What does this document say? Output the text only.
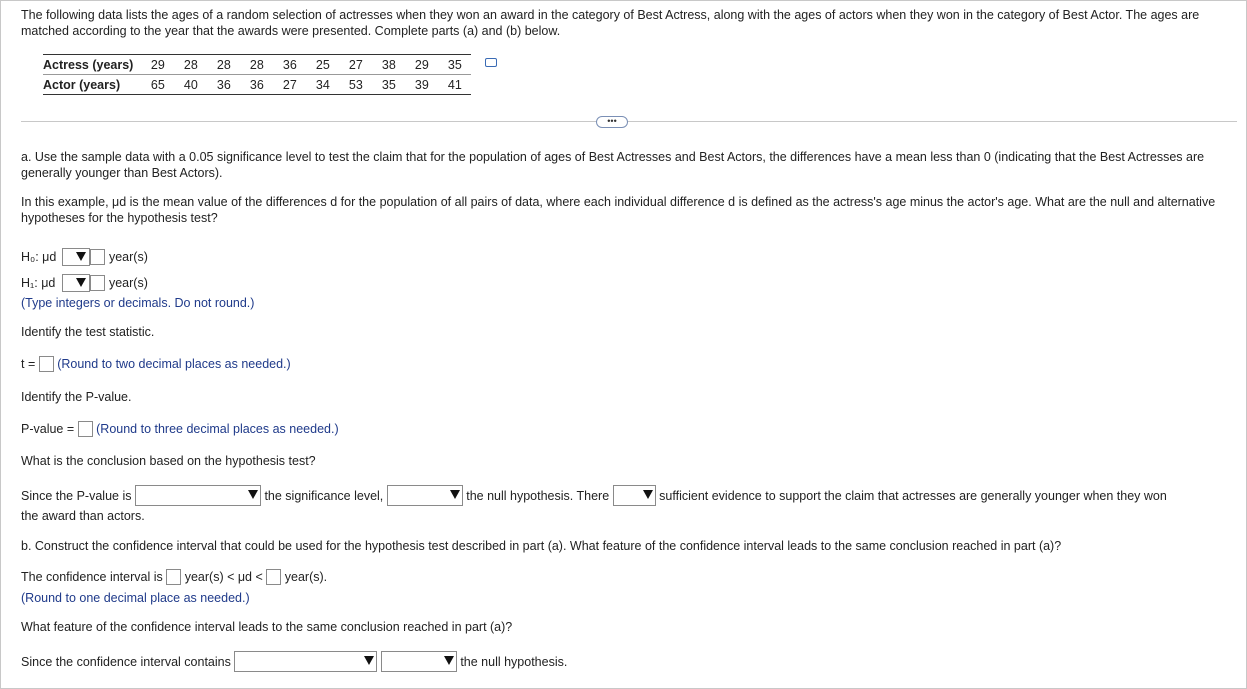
The following data lists the ages of a random selection of actresses when they won an award in the category of Best Actress, along with the ages of actors when they won in the category of Best Actor. The ages are matched according to the year that the awards were presented. Complete parts (a) and (b) below.
Actress (years)	29	28	28	28	36	25	27	38	29	35
Actor (years)	65	40	36	36	27	34	53	35	39	41
•••
a. Use the sample data with a 0.05 significance level to test the claim that for the population of ages of Best Actresses and Best Actors, the differences have a mean less than 0 (indicating that the Best Actresses are generally younger than Best Actors).
In this example, μd is the mean value of the differences d for the population of all pairs of data, where each individual difference d is defined as the actress's age minus the actor's age. What are the null and alternative hypotheses for the hypothesis test?
H₀: μd	year(s)
H₁: μd	year(s)
(Type integers or decimals. Do not round.)
Identify the test statistic.
t = (Round to two decimal places as needed.)
Identify the P-value.
P-value = (Round to three decimal places as needed.)
What is the conclusion based on the hypothesis test?
Since the P-value is	the significance level,	the null hypothesis. There	sufficient evidence to support the claim that actresses are generally younger when they won
the award than actors.
b. Construct the confidence interval that could be used for the hypothesis test described in part (a). What feature of the confidence interval leads to the same conclusion reached in part (a)?
The confidence interval is year(s) < μd < year(s).
(Round to one decimal place as needed.)
What feature of the confidence interval leads to the same conclusion reached in part (a)?
Since the confidence interval contains
	the null hypothesis.
